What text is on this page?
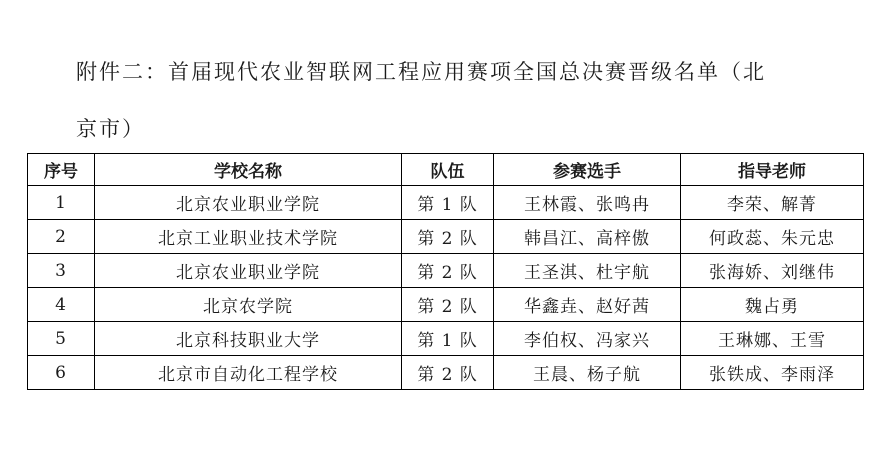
附件二：首届现代农业智联网工程应用赛项全国总决赛晋级名单（北
京市）
序号	学校名称	队伍	参赛选手	指导老师
1	北京农业职业学院	第 1 队	王林霞、张鸣冉	李荣、解菁
2	北京工业职业技术学院	第 2 队	韩昌江、高梓傲	何政蕊、朱元忠
3	北京农业职业学院	第 2 队	王圣淇、杜宇航	张海娇、刘继伟
4	北京农学院	第 2 队	华鑫垚、赵好茜	魏占勇
5	北京科技职业大学	第 1 队	李伯权、冯家兴	王琳娜、王雪
6	北京市自动化工程学校	第 2 队	王晨、杨子航	张铁成、李雨泽
